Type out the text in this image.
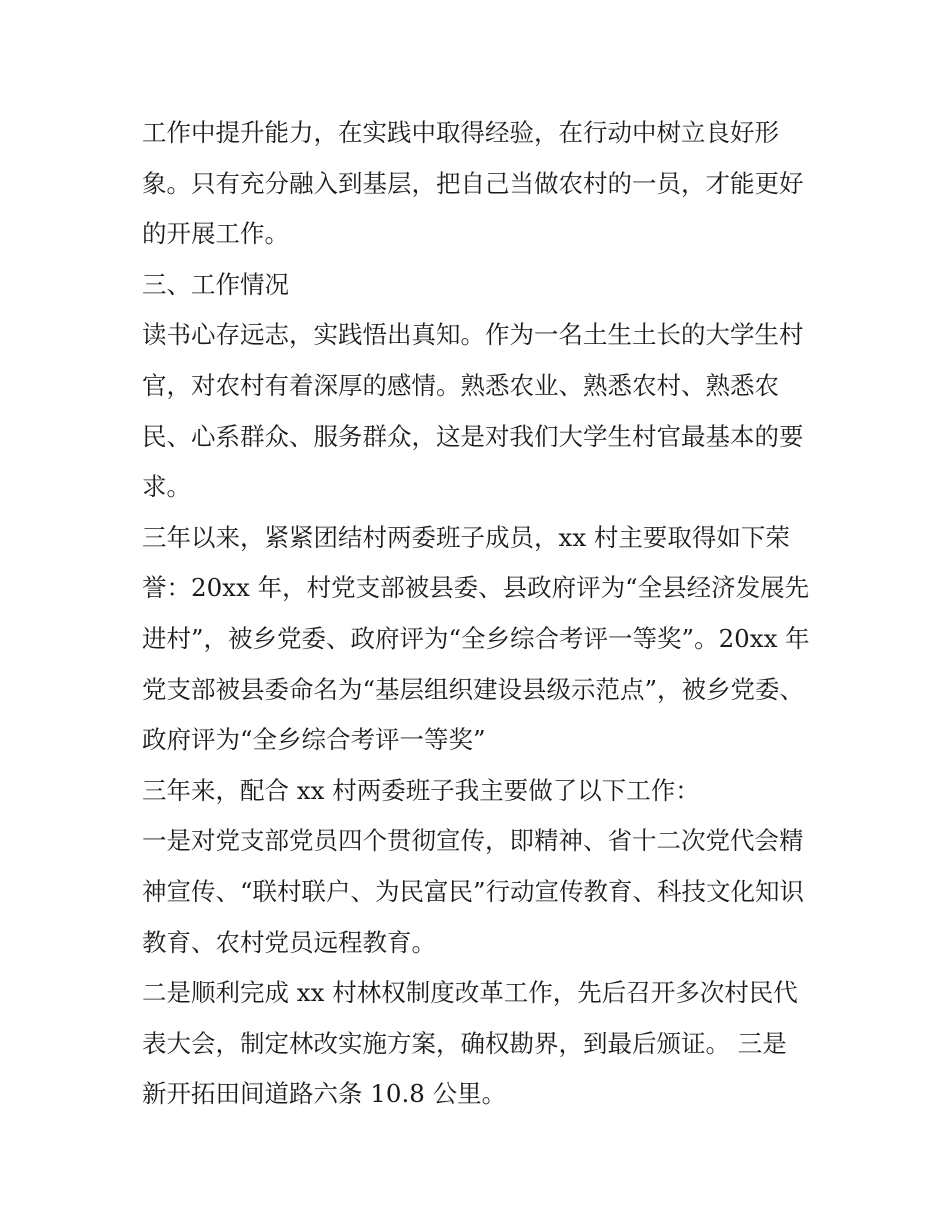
工作中提升能力，在实践中取得经验，在行动中树立良好形
象。只有充分融入到基层，把自己当做农村的一员，才能更好
的开展工作。
三、工作情况
读书心存远志，实践悟出真知。作为一名土生土长的大学生村
官，对农村有着深厚的感情。熟悉农业、熟悉农村、熟悉农
民、心系群众、服务群众，这是对我们大学生村官最基本的要
求。
三年以来，紧紧团结村两委班子成员，xx 村主要取得如下荣
誉：20xx 年，村党支部被县委、县政府评为“全县经济发展先
进村”，被乡党委、政府评为“全乡综合考评一等奖”。20xx 年
党支部被县委命名为“基层组织建设县级示范点”，被乡党委、
政府评为“全乡综合考评一等奖”
三年来，配合 xx 村两委班子我主要做了以下工作：
一是对党支部党员四个贯彻宣传，即精神、省十二次党代会精
神宣传、“联村联户、为民富民”行动宣传教育、科技文化知识
教育、农村党员远程教育。
二是顺利完成 xx 村林权制度改革工作，先后召开多次村民代
表大会，制定林改实施方案，确权勘界，到最后颁证。 三是
新开拓田间道路六条 10.8 公里。
